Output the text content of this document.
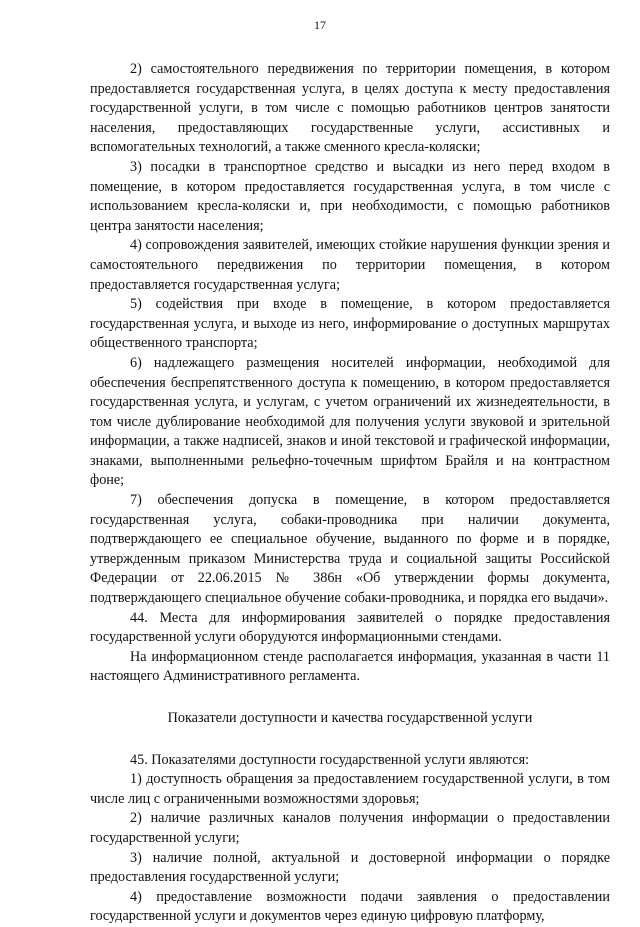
17

2) самостоятельного передвижения по территории помещения, в котором предоставляется государственная услуга, в целях доступа к месту предоставления государственной услуги, в том числе с помощью работников центров занятости населения, предоставляющих государственные услуги, ассистивных и вспомогательных технологий, а также сменного кресла-коляски;

3) посадки в транспортное средство и высадки из него перед входом в помещение, в котором предоставляется государственная услуга, в том числе с использованием кресла-коляски и, при необходимости, с помощью работников центра занятости населения;

4) сопровождения заявителей, имеющих стойкие нарушения функции зрения и самостоятельного передвижения по территории помещения, в котором предоставляется государственная услуга;

5) содействия при входе в помещение, в котором предоставляется государственная услуга, и выходе из него, информирование о доступных маршрутах общественного транспорта;

6) надлежащего размещения носителей информации, необходимой для обеспечения беспрепятственного доступа к помещению, в котором предоставляется государственная услуга, и услугам, с учетом ограничений их жизнедеятельности, в том числе дублирование необходимой для получения услуги звуковой и зрительной информации, а также надписей, знаков и иной текстовой и графической информации, знаками, выполненными рельефно-точечным шрифтом Брайля и на контрастном фоне;

7) обеспечения допуска в помещение, в котором предоставляется государственная услуга, собаки-проводника при наличии документа, подтверждающего ее специальное обучение, выданного по форме и в порядке, утвержденным приказом Министерства труда и социальной защиты Российской Федерации от 22.06.2015 № 386н «Об утверждении формы документа, подтверждающего специальное обучение собаки-проводника, и порядка его выдачи».

44. Места для информирования заявителей о порядке предоставления государственной услуги оборудуются информационными стендами.

На информационном стенде располагается информация, указанная в части 11 настоящего Административного регламента.

Показатели доступности и качества государственной услуги

45. Показателями доступности государственной услуги являются:

1) доступность обращения за предоставлением государственной услуги, в том числе лиц с ограниченными возможностями здоровья;

2) наличие различных каналов получения информации о предоставлении государственной услуги;

3) наличие полной, актуальной и достоверной информации о порядке предоставления государственной услуги;

4) предоставление возможности подачи заявления о предоставлении государственной услуги и документов через единую цифровую платформу,
